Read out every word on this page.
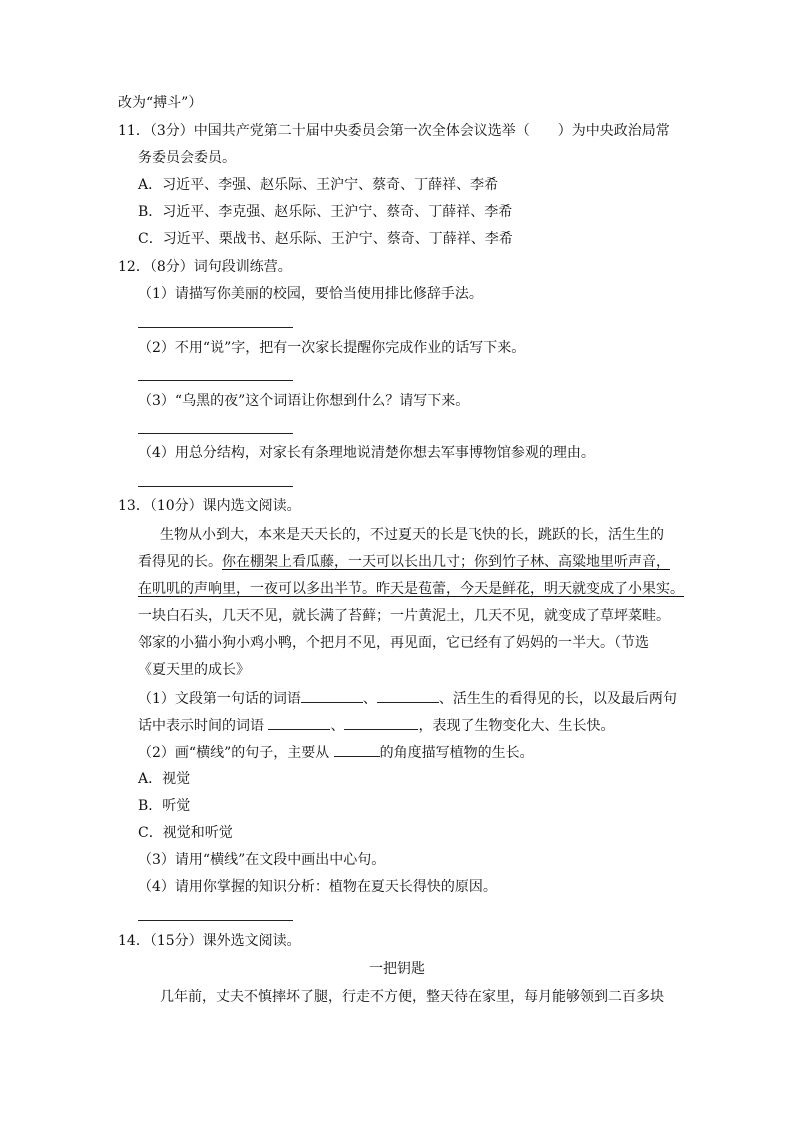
改为“搏斗”）
11．（3分）中国共产党第二十届中央委员会第一次全体会议选举（　　）为中央政治局常
务委员会委员。
A．习近平、李强、赵乐际、王沪宁、蔡奇、丁薛祥、李希
B．习近平、李克强、赵乐际、王沪宁、蔡奇、丁薛祥、李希
C．习近平、栗战书、赵乐际、王沪宁、蔡奇、丁薛祥、李希
12．（8分）词句段训练营。
（1）请描写你美丽的校园，要恰当使用排比修辞手法。
（2）不用“说”字，把有一次家长提醒你完成作业的话写下来。
（3）“乌黑的夜”这个词语让你想到什么？请写下来。
（4）用总分结构，对家长有条理地说清楚你想去军事博物馆参观的理由。
13．（10分）课内选文阅读。
生物从小到大，本来是天天长的，不过夏天的长是飞快的长，跳跃的长，活生生的
看得见的长。你在棚架上看瓜藤，一天可以长出几寸；你到竹子林、高粱地里听声音，
在叽叽的声响里，一夜可以多出半节。昨天是苞蕾，今天是鲜花，明天就变成了小果实。
一块白石头，几天不见，就长满了苔藓；一片黄泥土，几天不见，就变成了草坪菜畦。
邻家的小猫小狗小鸡小鸭，个把月不见，再见面，它已经有了妈妈的一半大。（节选
《夏天里的成长》
（1）文段第一句话的词语	、	、活生生的看得见的长，以及最后两句
话中表示时间的词语	、	，表现了生物变化大、生长快。
（2）画“横线”的句子，主要从	的角度描写植物的生长。
A．视觉
B．听觉
C．视觉和听觉
（3）请用“横线”在文段中画出中心句。
（4）请用你掌握的知识分析：植物在夏天长得快的原因。
14．（15分）课外选文阅读。
一把钥匙
几年前，丈夫不慎摔坏了腿，行走不方便，整天待在家里，每月能够领到二百多块
